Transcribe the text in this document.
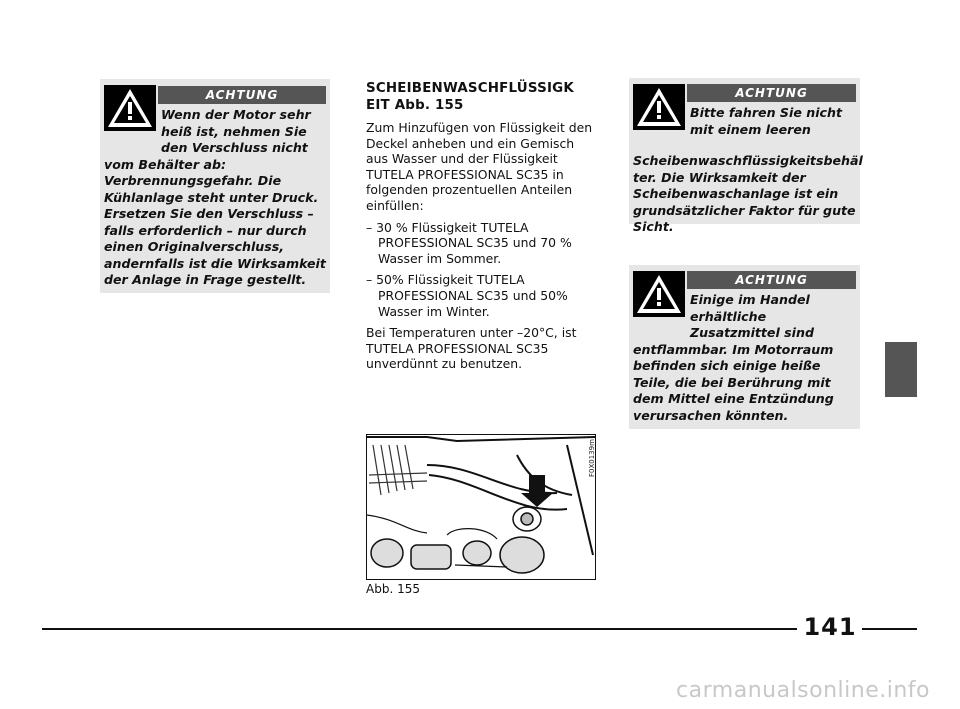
ACHTUNG

Wenn der Motor sehr heiß ist, nehmen Sie den Verschluss nicht vom Behälter ab: Verbrennungsgefahr. Die Kühlanlage steht unter Druck. Ersetzen Sie den Verschluss – falls erforderlich – nur durch einen Originalverschluss, andernfalls ist die Wirksamkeit der Anlage in Frage gestellt.

SCHEIBENWASCHFLÜSSIGK EIT Abb. 155

Zum Hinzufügen von Flüssigkeit den Deckel anheben und ein Gemisch aus Wasser und der Flüssigkeit TUTELA PROFESSIONAL SC35 in folgenden prozentuellen Anteilen einfüllen:

– 30 % Flüssigkeit TUTELA PROFESSIONAL SC35 und 70 % Wasser im Sommer.

– 50% Flüssigkeit TUTELA PROFESSIONAL SC35 und 50% Wasser im Winter.

Bei Temperaturen unter –20°C, ist TUTELA PROFESSIONAL SC35 unverdünnt zu benutzen.

F0X0139m
Abb. 155
ACHTUNG

Bitte fahren Sie nicht mit einem leeren Scheibenwaschflüssigkeitsbehäl ter. Die Wirksamkeit der Scheibenwaschanlage ist ein grundsätzlicher Faktor für gute Sicht.

ACHTUNG

Einige im Handel erhältliche Zusatzmittel sind entflammbar. Im Motorraum befinden sich einige heiße Teile, die bei Berührung mit dem Mittel eine Entzündung verursachen könnten.

141
carmanualsonline.info
